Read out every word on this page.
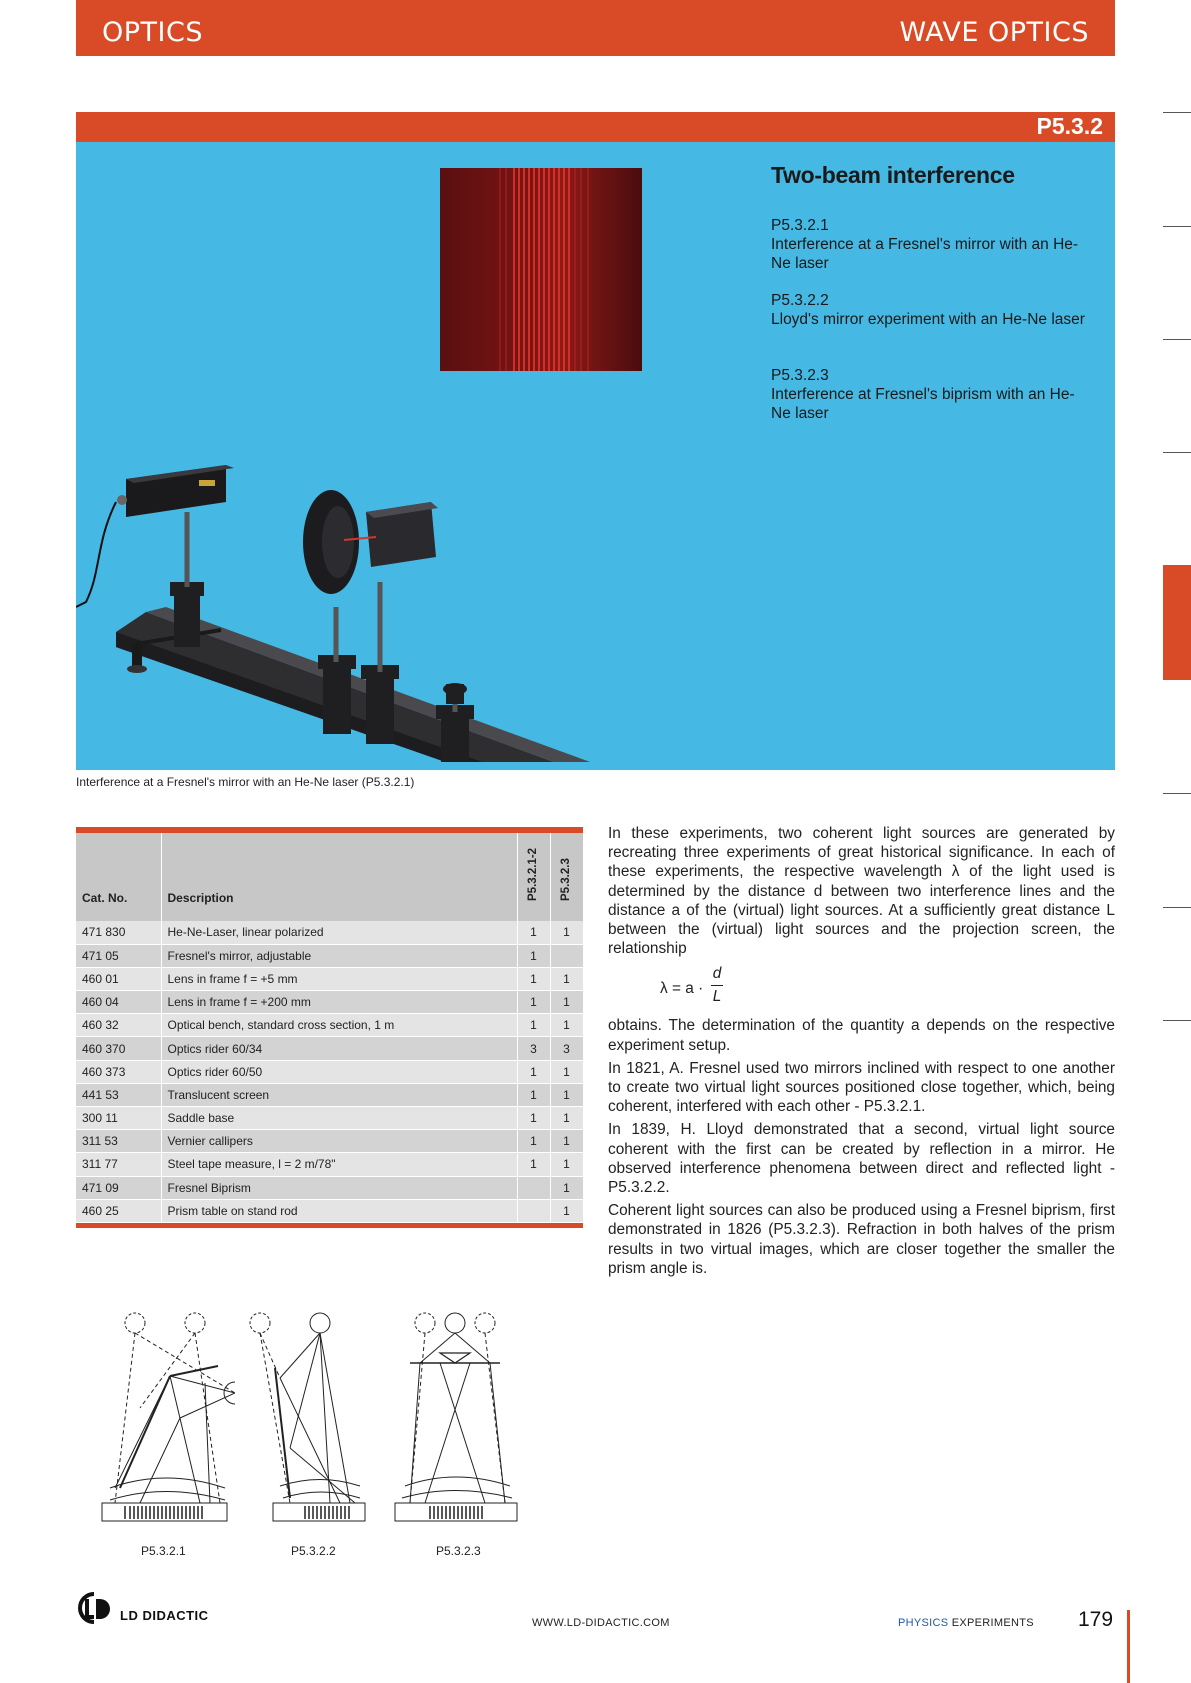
OPTICS	WAVE OPTICS
P5.3.2
Two-beam interference
P5.3.2.1
Interference at a Fresnel's mirror with an He-Ne laser
P5.3.2.2
Lloyd's mirror experiment with an He-Ne laser
P5.3.2.3
Interference at Fresnel's biprism with an He-Ne laser
Interference at a Fresnel's mirror with an He-Ne laser (P5.3.2.1)
Cat. No.	Description	P5.3.2.1-2	P5.3.2.3

471 830	He-Ne-Laser, linear polarized	1	1
471 05	Fresnel's mirror, adjustable	1	
460 01	Lens in frame f = +5 mm	1	1
460 04	Lens in frame f = +200 mm	1	1
460 32	Optical bench, standard cross section, 1 m	1	1
460 370	Optics rider 60/34	3	3
460 373	Optics rider 60/50	1	1
441 53	Translucent screen	1	1
300 11	Saddle base	1	1
311 53	Vernier callipers	1	1
311 77	Steel tape measure, l = 2 m/78"	1	1
471 09	Fresnel Biprism		1
460 25	Prism table on stand rod		1

In these experiments, two coherent light sources are generated by recreating three experiments of great historical significance. In each of these experiments, the respective wavelength λ of the light used is determined by the distance d between two interference lines and the distance a of the (virtual) light sources. At a sufficiently great distance L between the (virtual) light sources and the projection screen, the relationship

λ = a ·
d
L

obtains. The determination of the quantity a depends on the respective experiment setup.

In 1821, A. Fresnel used two mirrors inclined with respect to one another to create two virtual light sources positioned close together, which, being coherent, interfered with each other - P5.3.2.1.

In 1839, H. Lloyd demonstrated that a second, virtual light source coherent with the first can be created by reflection in a mirror. He observed interference phenomena between direct and reflected light - P5.3.2.2.

Coherent light sources can also be produced using a Fresnel biprism, first demonstrated in 1826 (P5.3.2.3). Refraction in both halves of the prism results in two virtual images, which are closer together the smaller the prism angle is.

P5.3.2.1	P5.3.2.2	P5.3.2.3
LD DIDACTIC
WWW.LD-DIDACTIC.COM	PHYSICS EXPERIMENTS 179
